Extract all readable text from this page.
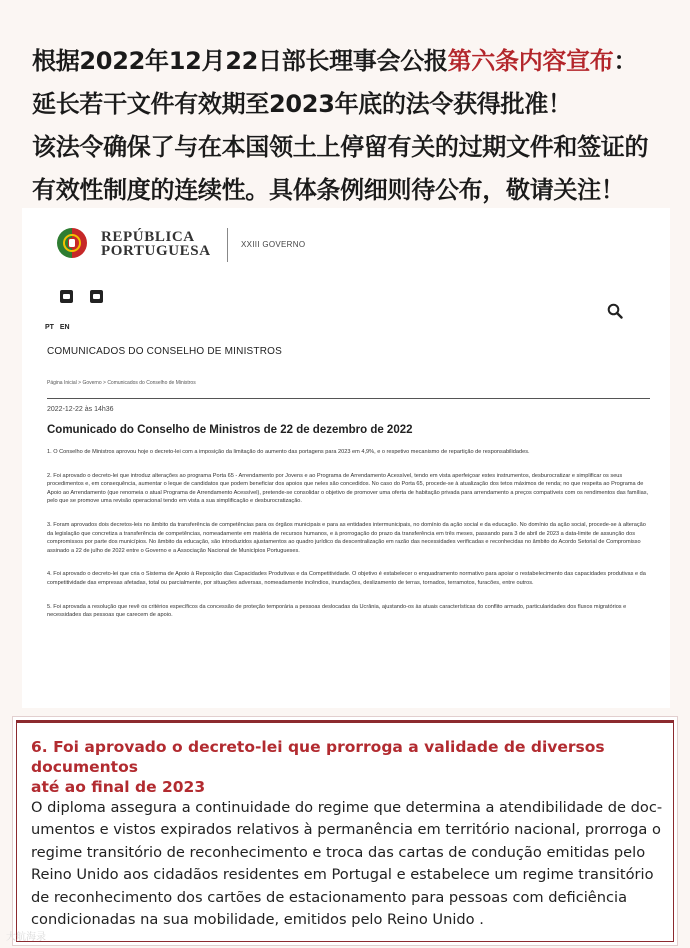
根据2022年12月22日部长理事会公报第六条内容宣布：
延长若干文件有效期至2023年底的法令获得批准！
该法令确保了与在本国领土上停留有关的过期文件和签证的
有效性制度的连续性。具体条例细则待公布，敬请关注！
REPÚBLICA
PORTUGUESA	XXIII GOVERNO
PT EN
COMUNICADOS DO CONSELHO DE MINISTROS
Página Inicial > Governo > Comunicados do Conselho de Ministros
2022-12-22 às 14h36
Comunicado do Conselho de Ministros de 22 de dezembro de 2022

1. O Conselho de Ministros aprovou hoje o decreto-lei com a imposição da limitação do aumento das portagens para 2023 em 4,9%, e o respetivo mecanismo de repartição de responsabilidades.

2. Foi aprovado o decreto-lei que introduz alterações ao programa Porta 65 - Arrendamento por Jovens e ao Programa de Arrendamento Acessível, tendo em vista aperfeiçoar estes instrumentos, desburocratizar e simplificar os seus procedimentos e, em consequência, aumentar o leque de candidatos que podem beneficiar dos apoios que neles são concedidos. No caso do Porta 65, procede-se à atualização dos tetos máximos de renda; no que respeita ao Programa de Apoio ao Arrendamento (que renomeia o atual Programa de Arrendamento Acessível), pretende-se consolidar o objetivo de promover uma oferta de habitação privada para arrendamento a preços compatíveis com os rendimentos das famílias, pelo que se promove uma revisão operacional tendo em vista a sua simplificação e desburocratização.

3. Foram aprovados dois decretos-leis no âmbito da transferência de competências para os órgãos municipais e para as entidades intermunicipais, no domínio da ação social e da educação. No domínio da ação social, procede-se à alteração da legislação que concretiza a transferência de competências, nomeadamente em matéria de recursos humanos, e à prorrogação do prazo da transferência em três meses, passando para 3 de abril de 2023 a data-limite de assunção dos compromissos por parte dos municípios. No âmbito da educação, são introduzidos ajustamentos ao quadro jurídico da descentralização em razão das necessidades verificadas e reconhecidas no âmbito do Acordo Setorial de Compromisso assinado a 22 de julho de 2022 entre o Governo e a Associação Nacional de Municípios Portugueses.

4. Foi aprovado o decreto-lei que cria o Sistema de Apoio à Reposição das Capacidades Produtivas e da Competitividade. O objetivo é estabelecer o enquadramento normativo para apoiar o restabelecimento das capacidades produtivas e da competitividade das empresas afetadas, total ou parcialmente, por situações adversas, nomeadamente incêndios, inundações, deslizamento de terras, tornados, terramotos, furacões, entre outros.

5. Foi aprovada a resolução que revê os critérios específicos da concessão de proteção temporária a pessoas deslocadas da Ucrânia, ajustando-os às atuais características do conflito armado, particularidades dos fluxos migratórios e necessidades das pessoas que carecem de apoio.

6. Foi aprovado o decreto-lei que prorroga a validade de diversos documentos
até ao final de 2023
O diploma assegura a continuidade do regime que determina a atendibilidade de doc-
umentos e vistos expirados relativos à permanência em território nacional, prorroga o
regime transitório de reconhecimento e troca das cartas de condução emitidas pelo
Reino Unido aos cidadãos residentes em Portugal e estabelece um regime transitório
de reconhecimento dos cartões de estacionamento para pessoas com deficiência
condicionadas na sua mobilidade, emitidos pelo Reino Unido .
大航海录
